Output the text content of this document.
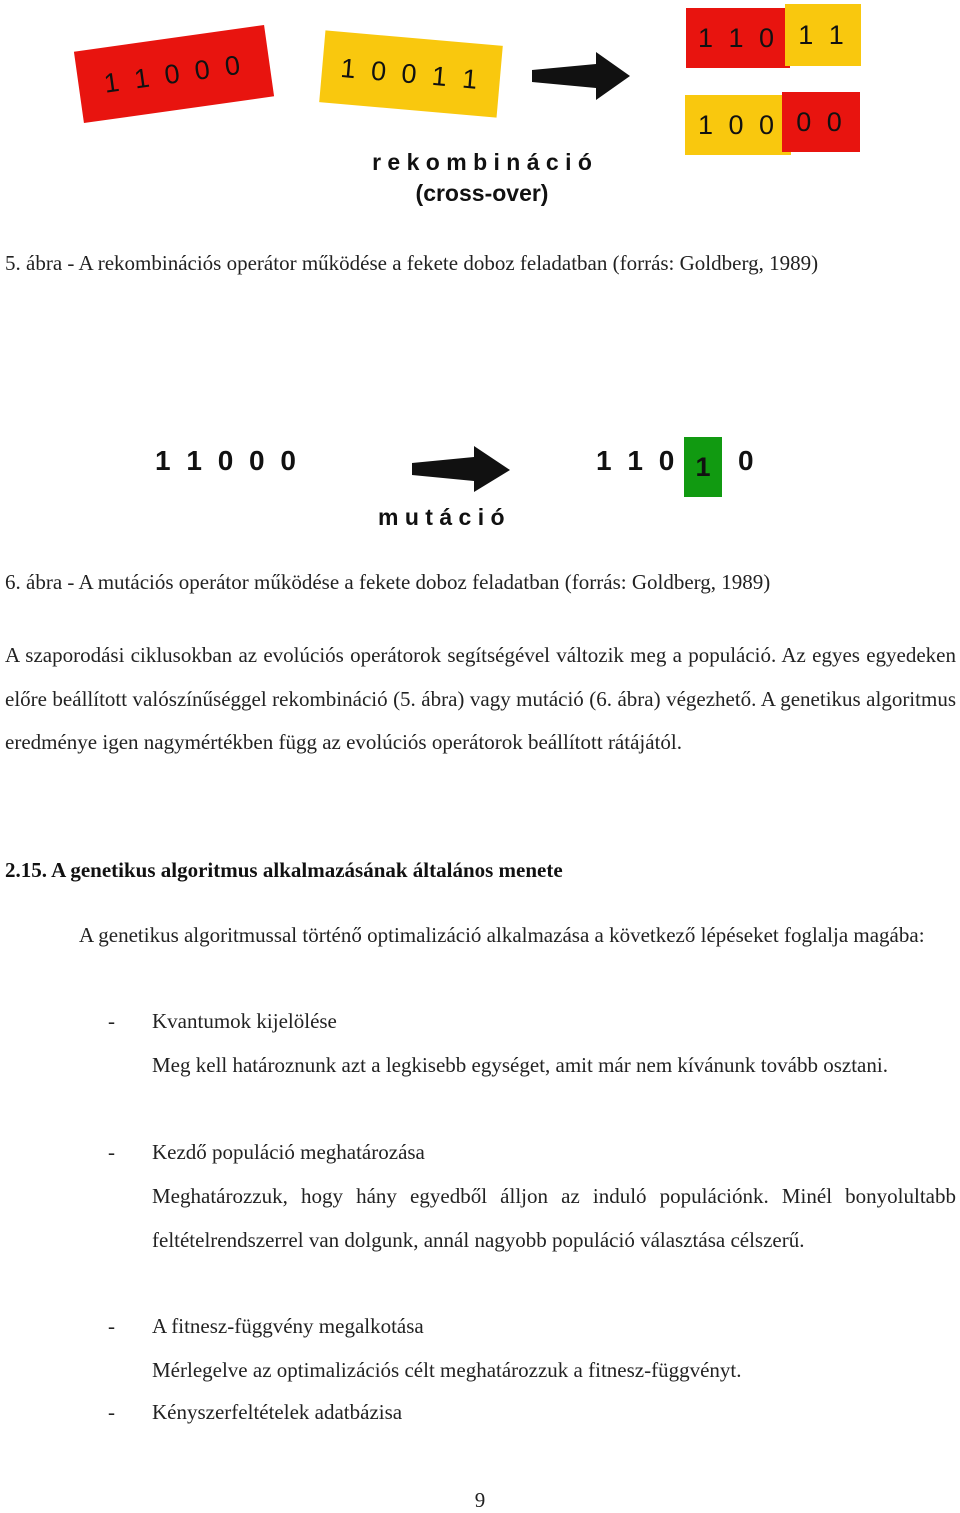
1 1 0 0 0	1 0 0 1 1
1 1 0 1 1
1 0 0 0 0
r e k o m b i n á c i ó
(cross-over)
5. ábra - A rekombinációs operátor működése a fekete doboz feladatban (forrás: Goldberg, 1989)
1 1 0 0 0	1 1 0 1 0
m u t á c i ó
6. ábra - A mutációs operátor működése a fekete doboz feladatban (forrás: Goldberg, 1989)
A szaporodási ciklusokban az evolúciós operátorok segítségével változik meg a populáció. Az egyes egyedeken előre beállított valószínűséggel rekombináció (5. ábra) vagy mutáció (6. ábra) végezhető. A genetikus algoritmus eredménye igen nagymértékben függ az evolúciós operátorok beállított rátájától.
2.15. A genetikus algoritmus alkalmazásának általános menete
A genetikus algoritmussal történő optimalizáció alkalmazása a következő lépéseket foglalja magába:
- Kvantumok kijelölése
Meg kell határoznunk azt a legkisebb egységet, amit már nem kívánunk tovább osztani.
- Kezdő populáció meghatározása
Meghatározzuk, hogy hány egyedből álljon az induló populációnk. Minél bonyolultabb feltételrendszerrel van dolgunk, annál nagyobb populáció választása célszerű.
- A fitnesz-függvény megalkotása
Mérlegelve az optimalizációs célt meghatározzuk a fitnesz-függvényt.
- Kényszerfeltételek adatbázisa
9
